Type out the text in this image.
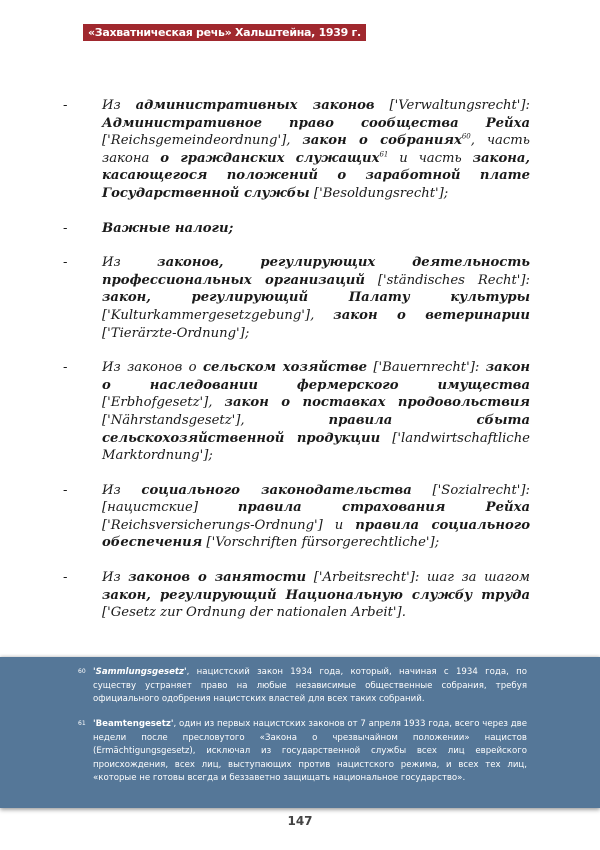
«Захватническая речь» Хальштейна, 1939 г.
-	Из административных законов ['Verwaltungsrecht']: Административное право сообщества Рейха ['Reichsgemeindeordnung'], закон о собраниях$^{60}$, часть закона о гражданских служащих$^{61}$ и часть закона, касающегося положений о заработной плате Государственной службы ['Besoldungsrecht'];
-	Важные налоги;
-	Из законов, регулирующих деятельность профессиональных организаций ['ständisches Recht']: закон, регулирующий Палату культуры ['Kulturkammergesetzgebung'], закон о ветеринарии ['Tierärzte-Ordnung'];
-	Из законов о сельском хозяйстве ['Bauernrecht']: закон о наследовании фермерского имущества ['Erbhofgesetz'], закон о поставках продовольствия ['Nährstandsgesetz'], правила сбыта сельскохозяйственной продукции ['landwirtschaftliche Marktordnung'];
-	Из социального законодательства ['Sozialrecht']: [нацистские] правила страхования Рейха ['Reichsversicherungs-Ordnung'] и правила социального обеспечения ['Vorschriften fürsorgerechtliche'];
-	Из законов о занятости ['Arbeitsrecht']: шаг за шагом закон, регулирующий Национальную службу труда ['Gesetz zur Ordnung der nationalen Arbeit'].
60 'Sammlungsgesetz', нацистский закон 1934 года, который, начиная с 1934 года, по существу устраняет право на любые независимые общественные собрания, требуя официального одобрения нацистских властей для всех таких собраний.
61 'Beamtengesetz', один из первых нацистских законов от 7 апреля 1933 года, всего через две недели после пресловутого «Закона о чрезвычайном положении» нацистов (Ermächtigungsgesetz), исключал из государственной службы всех лиц еврейского происхождения, всех лиц, выступающих против нацистского режима, и всех тех лиц, «которые не готовы всегда и беззаветно защищать национальное государство».
147
